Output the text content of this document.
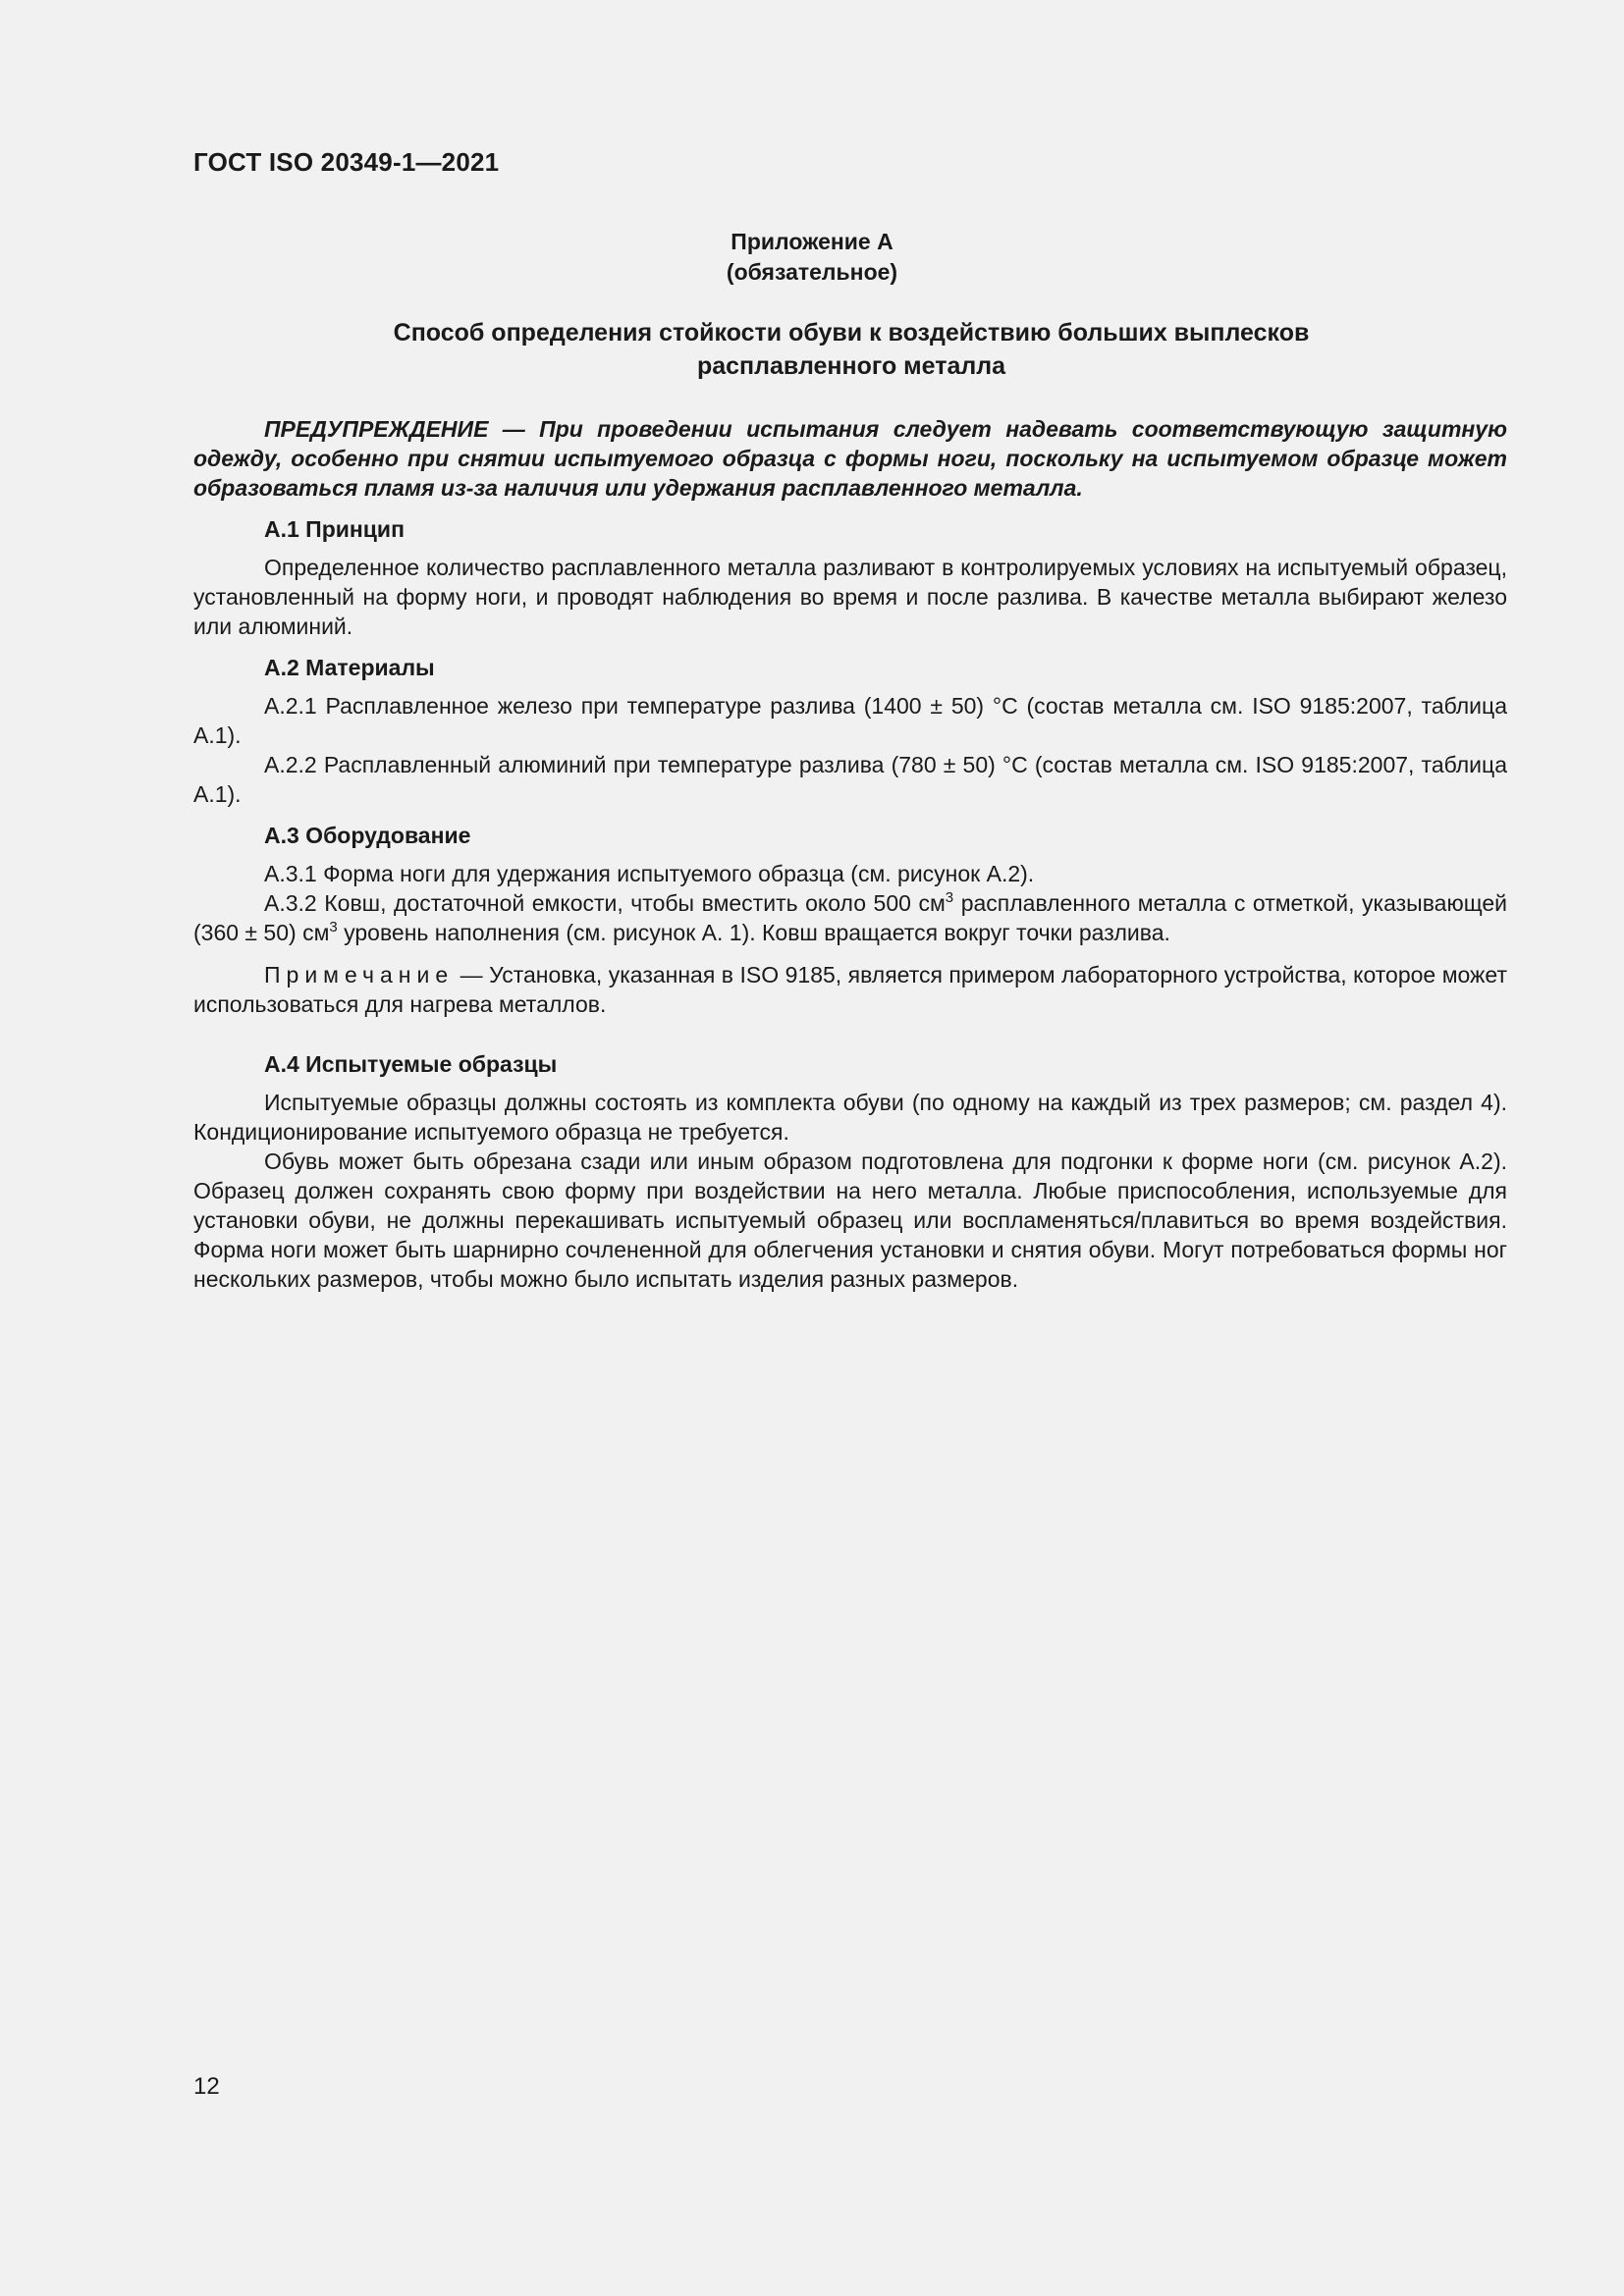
ГОСТ ISO 20349-1—2021
Приложение А
(обязательное)
Способ определения стойкости обуви к воздействию больших выплесков
расплавленного металла

ПРЕДУПРЕЖДЕНИЕ — При проведении испытания следует надевать соответствующую защитную одежду, особенно при снятии испытуемого образца с формы ноги, поскольку на испытуемом образце может образоваться пламя из-за наличия или удержания расплавленного металла.

А.1 Принцип

Определенное количество расплавленного металла разливают в контролируемых условиях на испытуемый образец, установленный на форму ноги, и проводят наблюдения во время и после разлива. В качестве металла выбирают железо или алюминий.

А.2 Материалы

А.2.1 Расплавленное железо при температуре разлива (1400 ± 50) °С (состав металла см. ISO 9185:2007, таблица А.1).

А.2.2 Расплавленный алюминий при температуре разлива (780 ± 50) °С (состав металла см. ISO 9185:2007, таблица А.1).

А.3 Оборудование

А.3.1 Форма ноги для удержания испытуемого образца (см. рисунок А.2).

А.3.2 Ковш, достаточной емкости, чтобы вместить около 500 $см^3$ расплавленного металла с отметкой, указывающей (360 ± 50) $см^3$ уровень наполнения (см. рисунок А. 1). Ковш вращается вокруг точки разлива.

Примечание — Установка, указанная в ISO 9185, является примером лабораторного устройства, которое может использоваться для нагрева металлов.

А.4 Испытуемые образцы

Испытуемые образцы должны состоять из комплекта обуви (по одному на каждый из трех размеров; см. раздел 4). Кондиционирование испытуемого образца не требуется.

Обувь может быть обрезана сзади или иным образом подготовлена для подгонки к форме ноги (см. рисунок А.2). Образец должен сохранять свою форму при воздействии на него металла. Любые приспособления, используемые для установки обуви, не должны перекашивать испытуемый образец или воспламеняться/плавиться во время воздействия. Форма ноги может быть шарнирно сочлененной для облегчения установки и снятия обуви. Могут потребоваться формы ног нескольких размеров, чтобы можно было испытать изделия разных размеров.

12
